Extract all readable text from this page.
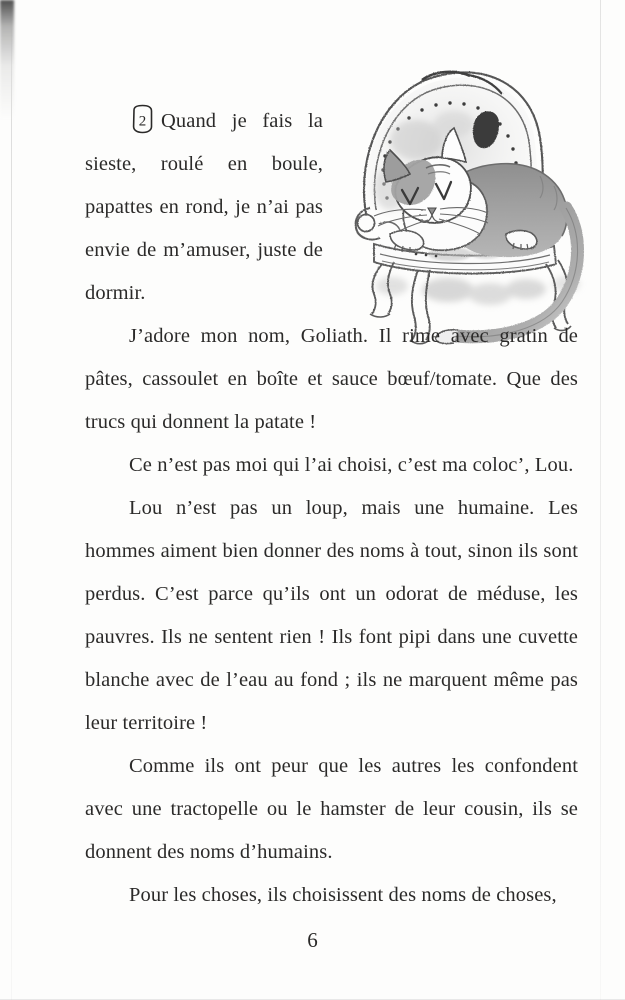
2 Quand je fais la sieste, roulé en boule, papattes en rond, je n’ai pas envie de m’amuser, juste de dormir.

J’adore mon nom, Goliath. Il rime avec gratin de pâtes, cassoulet en boîte et sauce bœuf/tomate. Que des trucs qui donnent la patate !

Ce n’est pas moi qui l’ai choisi, c’est ma coloc’, Lou.

Lou n’est pas un loup, mais une humaine. Les hommes aiment bien donner des noms à tout, sinon ils sont perdus. C’est parce qu’ils ont un odorat de méduse, les pauvres. Ils ne sentent rien ! Ils font pipi dans une cuvette blanche avec de l’eau au fond ; ils ne marquent même pas leur territoire !

Comme ils ont peur que les autres les confondent avec une tractopelle ou le hamster de leur cousin, ils se donnent des noms d’humains.

Pour les choses, ils choisissent des noms de choses,

6
